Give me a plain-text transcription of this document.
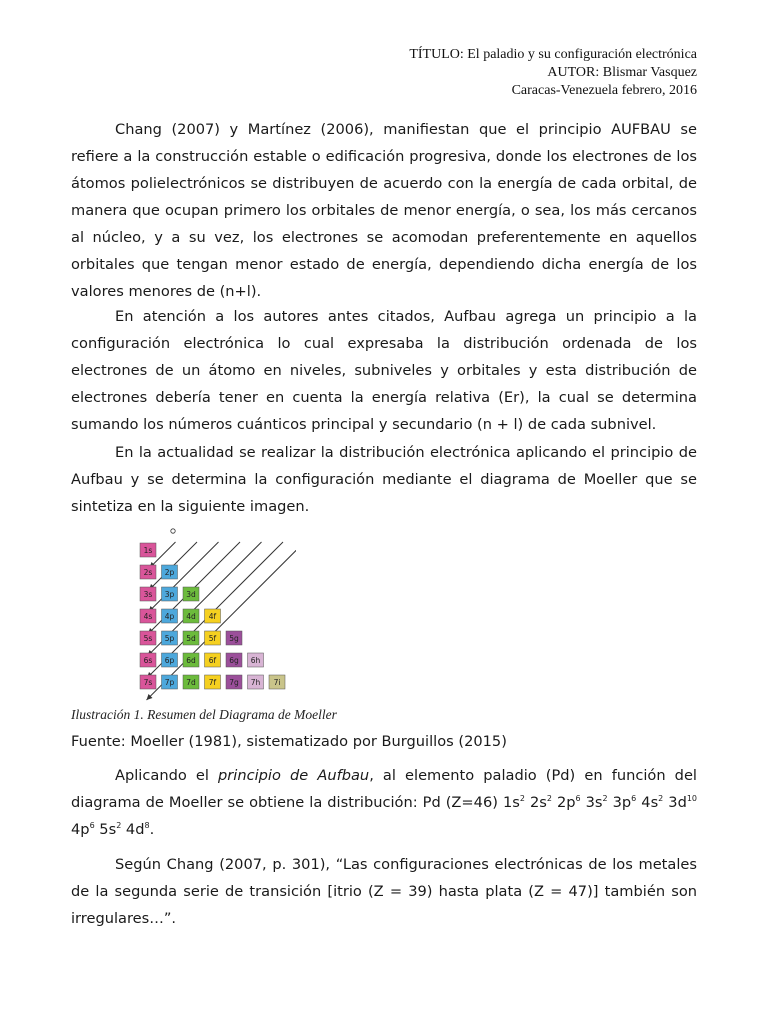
TÍTULO: El paladio y su configuración electrónica
AUTOR: Blismar Vasquez
Caracas-Venezuela febrero, 2016

Chang (2007) y Martínez (2006), manifiestan que el principio AUFBAU se refiere a la construcción estable o edificación progresiva, donde los electrones de los átomos polielectrónicos se distribuyen de acuerdo con la energía de cada orbital, de manera que ocupan primero los orbitales de menor energía, o sea, los más cercanos al núcleo, y a su vez, los electrones se acomodan preferentemente en aquellos orbitales que tengan menor estado de energía, dependiendo dicha energía de los valores menores de (n+l).

En atención a los autores antes citados, Aufbau agrega un principio a la configuración electrónica lo cual expresaba la distribución ordenada de los electrones de un átomo en niveles, subniveles y orbitales y esta distribución de electrones debería tener en cuenta la energía relativa (Er), la cual se determina sumando los números cuánticos principal y secundario (n + l) de cada subnivel.

En la actualidad se realizar la distribución electrónica aplicando el principio de Aufbau y se determina la configuración mediante el diagrama de Moeller que se sintetiza en la siguiente imagen.

1s
2s 2p
3s 3p 3d
4s 4p 4d 4f
5s 5p 5d 5f 5g
6s 6p 6d 6f 6g 6h
7s 7p 7d 7f 7g 7h 7i
Ilustración 1. Resumen del Diagrama de Moeller
Fuente: Moeller (1981), sistematizado por Burguillos (2015)

Aplicando el principio de Aufbau, al elemento paladio (Pd) en función del diagrama de Moeller se obtiene la distribución: Pd (Z=46) $1s^2$ $2s^2$ $2p^6$ $3s^2$ $3p^6$ $4s^2$ $3d^{10}$ $4p^6$ $5s^2$ $4d^8$.

Según Chang (2007, p. 301), “Las configuraciones electrónicas de los metales de la segunda serie de transición [itrio (Z = 39) hasta plata (Z = 47)] también son irregulares…”.
